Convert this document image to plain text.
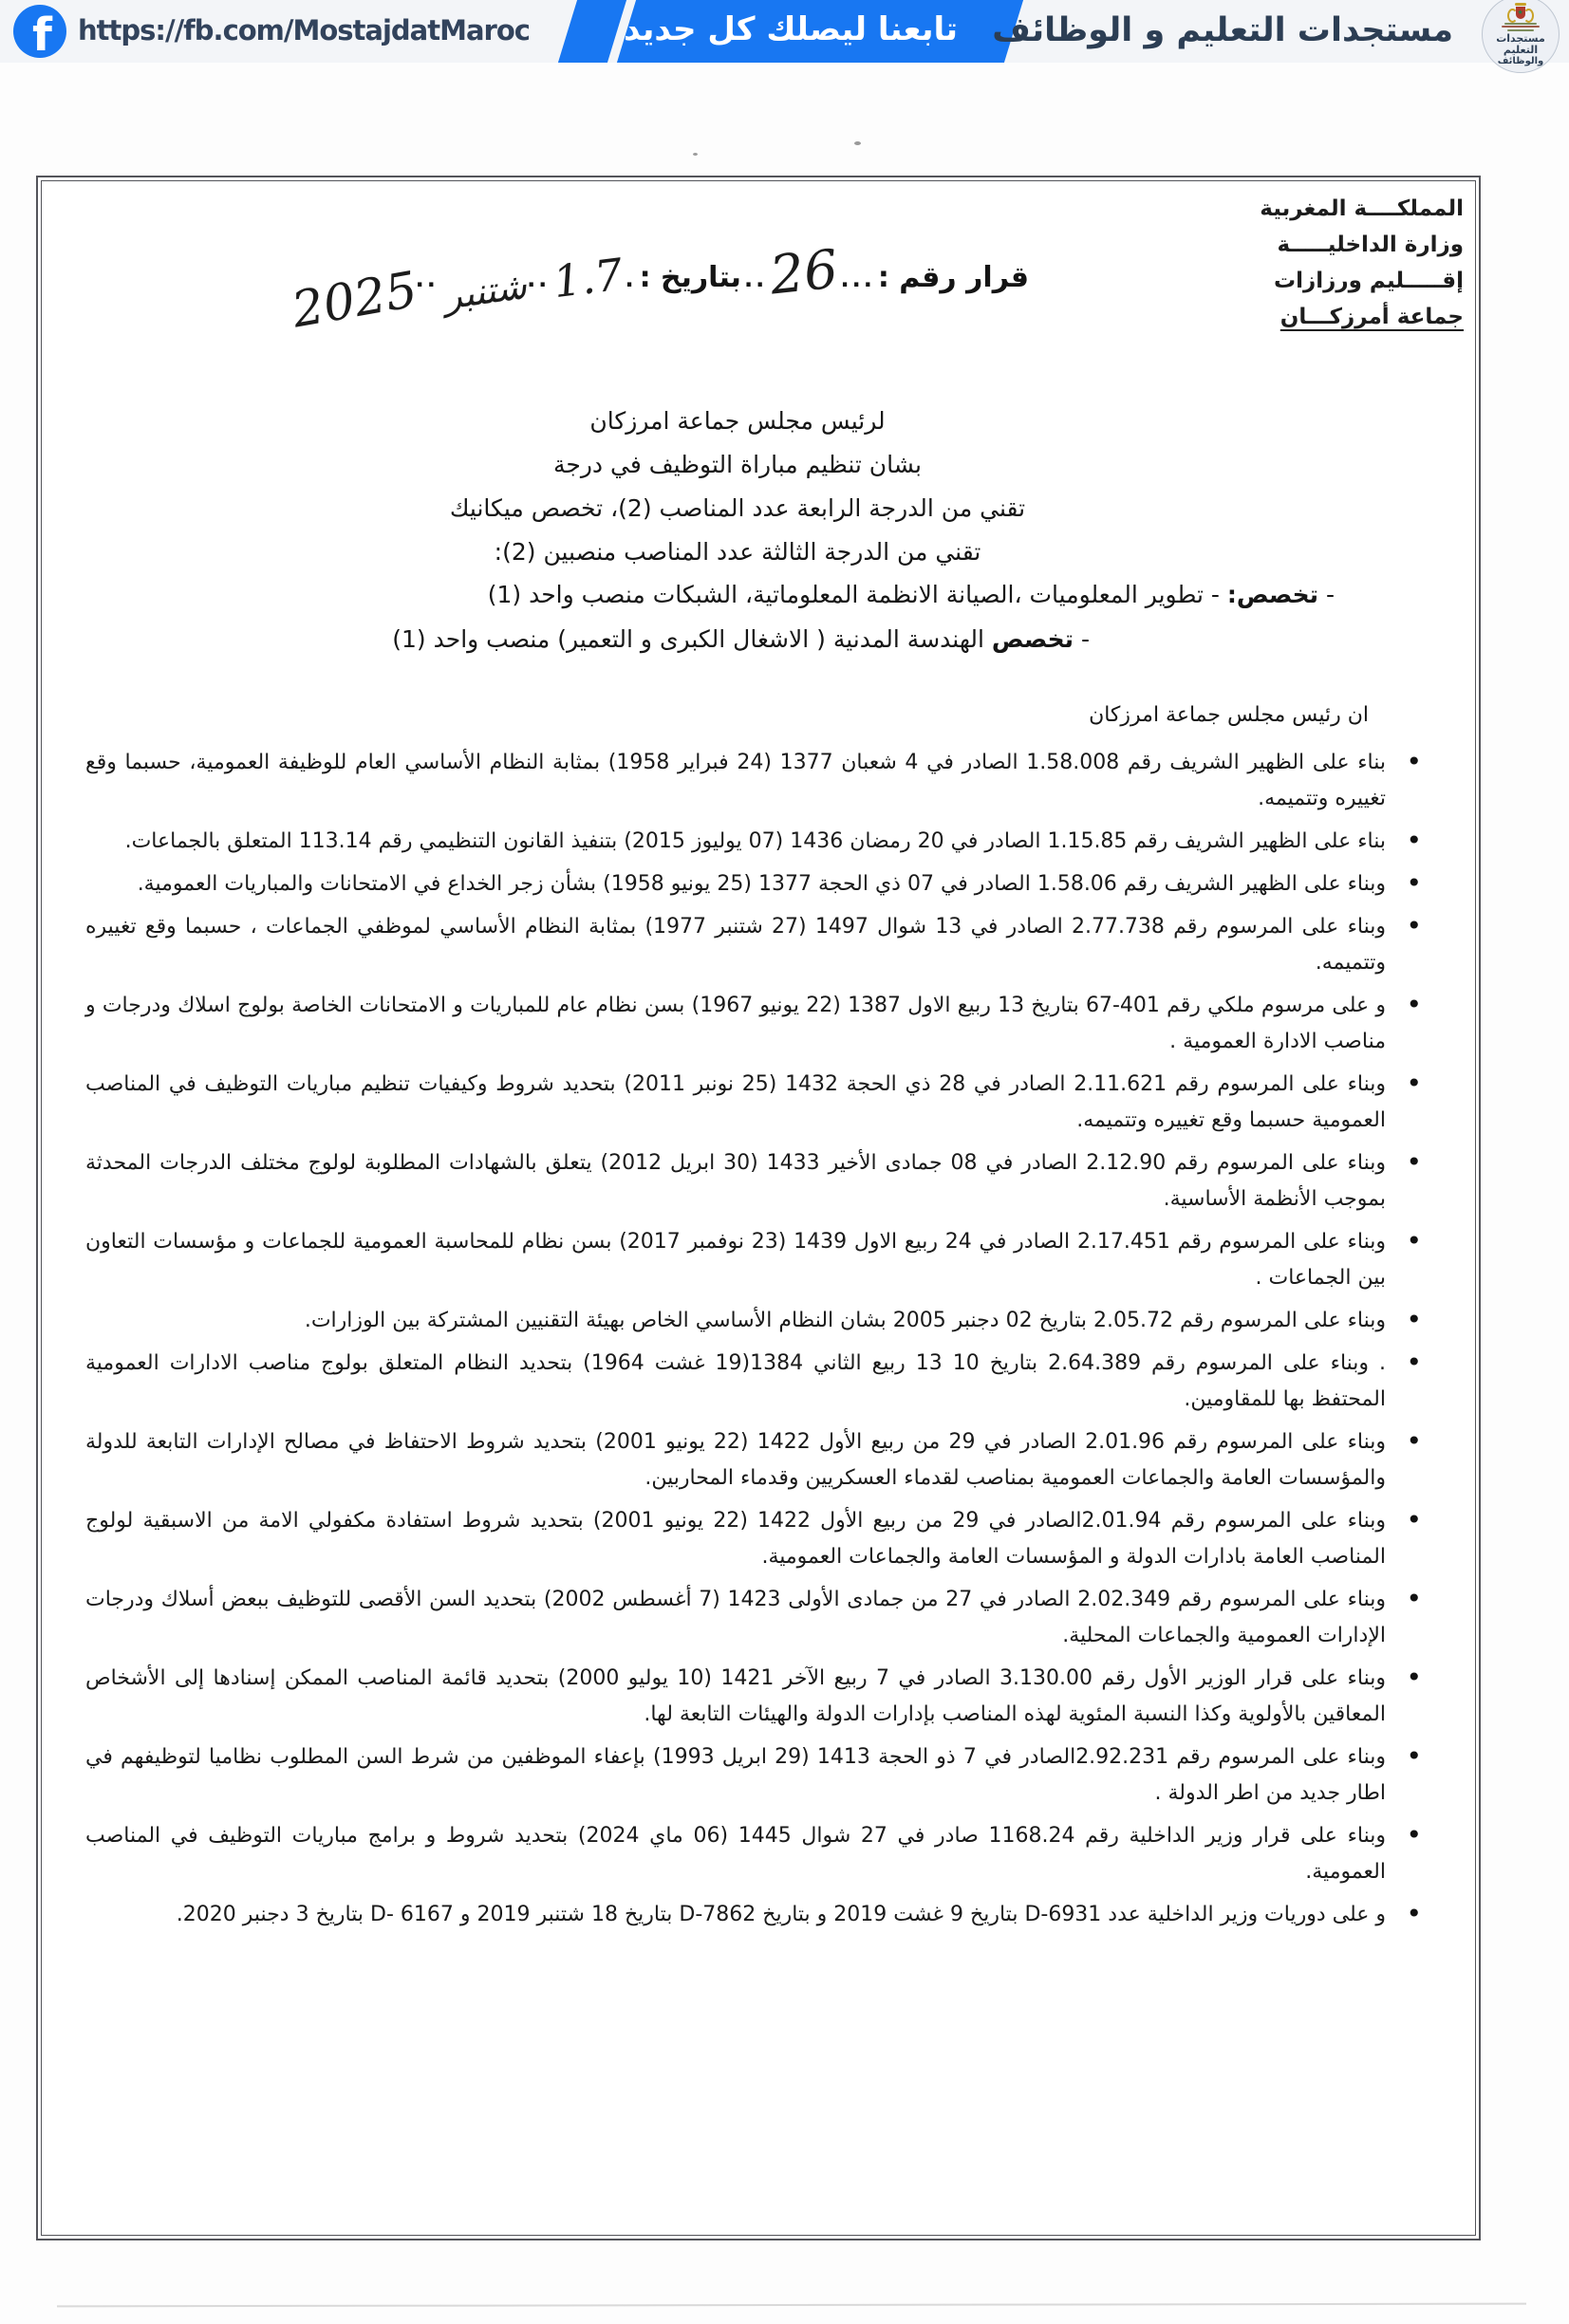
f https://fb.com/MostajdatMaroc	تابعنا ليصلك كل جديد	مستجدات التعليم و الوظائف
★	مستجدات التعليم
والوظائف
المملكــــة المغربية
وزارة الداخليـــــة
إقـــــليم ورزازات
جماعة أمرزكـــان
قرار رقم :
...
26
..
بتاريخ :
.
1.7
..
شتنبر
..
2025
لرئيس مجلس جماعة امرزكان
بشان تنظيم مباراة التوظيف في درجة
تقني من الدرجة الرابعة عدد المناصب (2)، تخصص ميكانيك
تقني من الدرجة الثالثة عدد المناصب منصبين (2):
- تخصص: - تطوير المعلوميات ،الصيانة الانظمة المعلوماتية، الشبكات منصب واحد (1)
- تخصص الهندسة المدنية ( الاشغال الكبرى و التعمير) منصب واحد (1)
ان رئيس مجلس جماعة امرزكان
• بناء على الظهير الشريف رقم 1.58.008 الصادر في 4 شعبان 1377 (24 فبراير 1958) بمثابة النظام الأساسي العام للوظيفة العمومية، حسبما وقع تغييره وتتميمه.
• بناء على الظهير الشريف رقم 1.15.85 الصادر في 20 رمضان 1436 (07 يوليوز 2015) بتنفيذ القانون التنظيمي رقم 113.14 المتعلق بالجماعات.
• وبناء على الظهير الشريف رقم 1.58.06 الصادر في 07 ذي الحجة 1377 (25 يونيو 1958) بشأن زجر الخداع في الامتحانات والمباريات العمومية.
• وبناء على المرسوم رقم 2.77.738 الصادر في 13 شوال 1497 (27 شتنبر 1977) بمثابة النظام الأساسي لموظفي الجماعات ، حسبما وقع تغييره وتتميمه.
• و على مرسوم ملكي رقم 401-67 بتاريخ 13 ربيع الاول 1387 (22 يونيو 1967) بسن نظام عام للمباريات و الامتحانات الخاصة بولوج اسلاك ودرجات و مناصب الادارة العمومية .
• وبناء على المرسوم رقم 2.11.621 الصادر في 28 ذي الحجة 1432 (25 نونبر 2011) بتحديد شروط وكيفيات تنظيم مباريات التوظيف في المناصب العمومية حسبما وقع تغييره وتتميمه.
• وبناء على المرسوم رقم 2.12.90 الصادر في 08 جمادى الأخير 1433 (30 ابريل 2012) يتعلق بالشهادات المطلوبة لولوج مختلف الدرجات المحدثة بموجب الأنظمة الأساسية.
• وبناء على المرسوم رقم 2.17.451 الصادر في 24 ربيع الاول 1439 (23 نوفمبر 2017) بسن نظام للمحاسبة العمومية للجماعات و مؤسسات التعاون بين الجماعات .
• وبناء على المرسوم رقم 2.05.72 بتاريخ 02 دجنبر 2005 بشان النظام الأساسي الخاص بهيئة التقنيين المشتركة بين الوزارات.
• . وبناء على المرسوم رقم 2.64.389 بتاريخ 10 13 ربيع الثاني 1384(19 غشت 1964) بتحديد النظام المتعلق بولوج مناصب الادارات العمومية المحتفظ بها للمقاومين.
• وبناء على المرسوم رقم 2.01.96 الصادر في 29 من ربيع الأول 1422 (22 يونيو 2001) بتحديد شروط الاحتفاظ في مصالح الإدارات التابعة للدولة والمؤسسات العامة والجماعات العمومية بمناصب لقدماء العسكريين وقدماء المحاربين.
• وبناء على المرسوم رقم 2.01.94الصادر في 29 من ربيع الأول 1422 (22 يونيو 2001) بتحديد شروط استفادة مكفولي الامة من الاسبقية لولوج المناصب العامة بادارات الدولة و المؤسسات العامة والجماعات العمومية.
• وبناء على المرسوم رقم 2.02.349 الصادر في 27 من جمادى الأولى 1423 (7 أغسطس 2002) بتحديد السن الأقصى للتوظيف ببعض أسلاك ودرجات الإدارات العمومية والجماعات المحلية.
• وبناء على قرار الوزير الأول رقم 3.130.00 الصادر في 7 ربيع الآخر 1421 (10 يوليو 2000) بتحديد قائمة المناصب الممكن إسنادها إلى الأشخاص المعاقين بالأولوية وكذا النسبة المئوية لهذه المناصب بإدارات الدولة والهيئات التابعة لها.
• وبناء على المرسوم رقم 2.92.231الصادر في 7 ذو الحجة 1413 (29 ابريل 1993) بإعفاء الموظفين من شرط السن المطلوب نظاميا لتوظيفهم في اطار جديد من اطر الدولة .
• وبناء على قرار وزير الداخلية رقم 1168.24 صادر في 27 شوال 1445 (06 ماي 2024) بتحديد شروط و برامج مباريات التوظيف في المناصب العمومية.
• و على دوريات وزير الداخلية عدد D-6931 بتاريخ 9 غشت 2019 و بتاريخ D-7862 بتاريخ 18 شتنبر 2019 و D- 6167 بتاريخ 3 دجنبر 2020.
